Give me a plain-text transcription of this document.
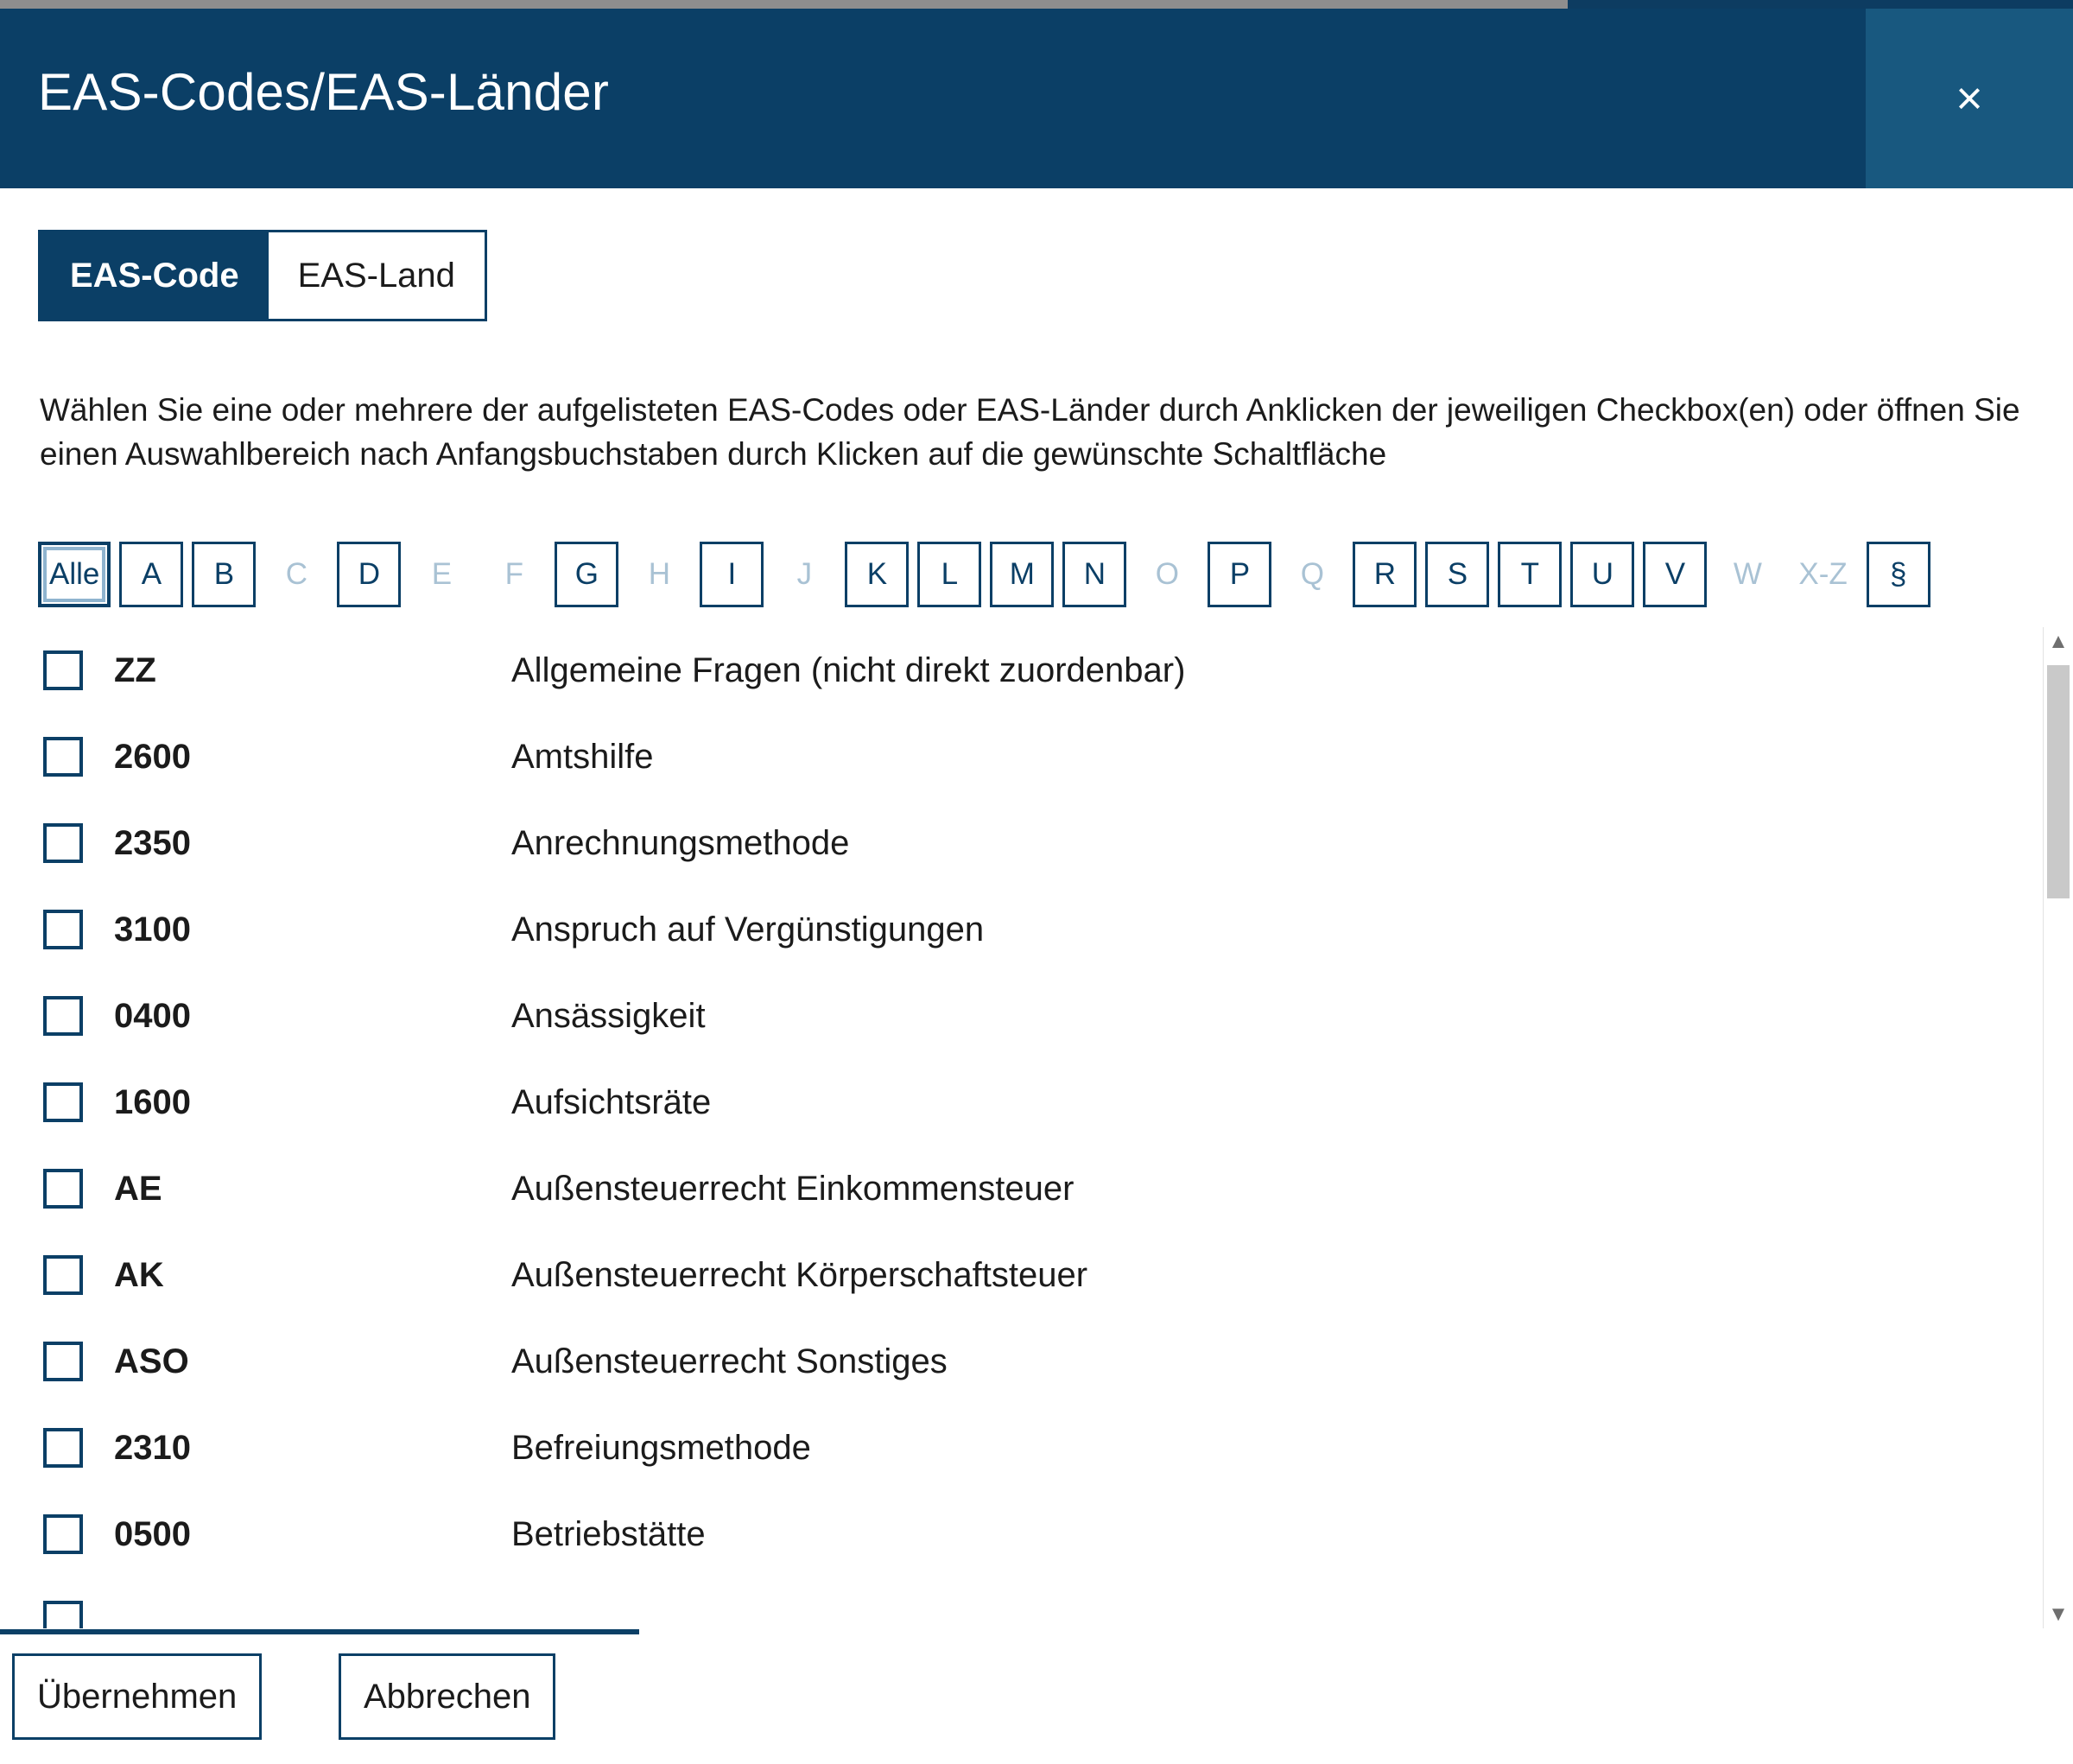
EAS-Codes/EAS-Länder	×
EAS-Code	EAS-Land
Wählen Sie eine oder mehrere der aufgelisteten EAS-Codes oder EAS-Länder durch Anklicken der jeweiligen Checkbox(en) oder öffnen Sie einen Auswahlbereich nach Anfangsbuchstaben durch Klicken auf die gewünschte Schaltfläche
Alle	A	B	C	D	E	F	G	H	I	J	K	L	M	N	O	P	Q	R	S	T	U	V	W	X-Z	§
ZZ	Allgemeine Fragen (nicht direkt zuordenbar)
2600	Amtshilfe
2350	Anrechnungsmethode
3100	Anspruch auf Vergünstigungen
0400	Ansässigkeit
1600	Aufsichtsräte
AE	Außensteuerrecht Einkommensteuer
AK	Außensteuerrecht Körperschaftsteuer
ASO	Außensteuerrecht Sonstiges
2310	Befreiungsmethode
0500	Betriebstätte
▲
▼
Übernehmen	Abbrechen
